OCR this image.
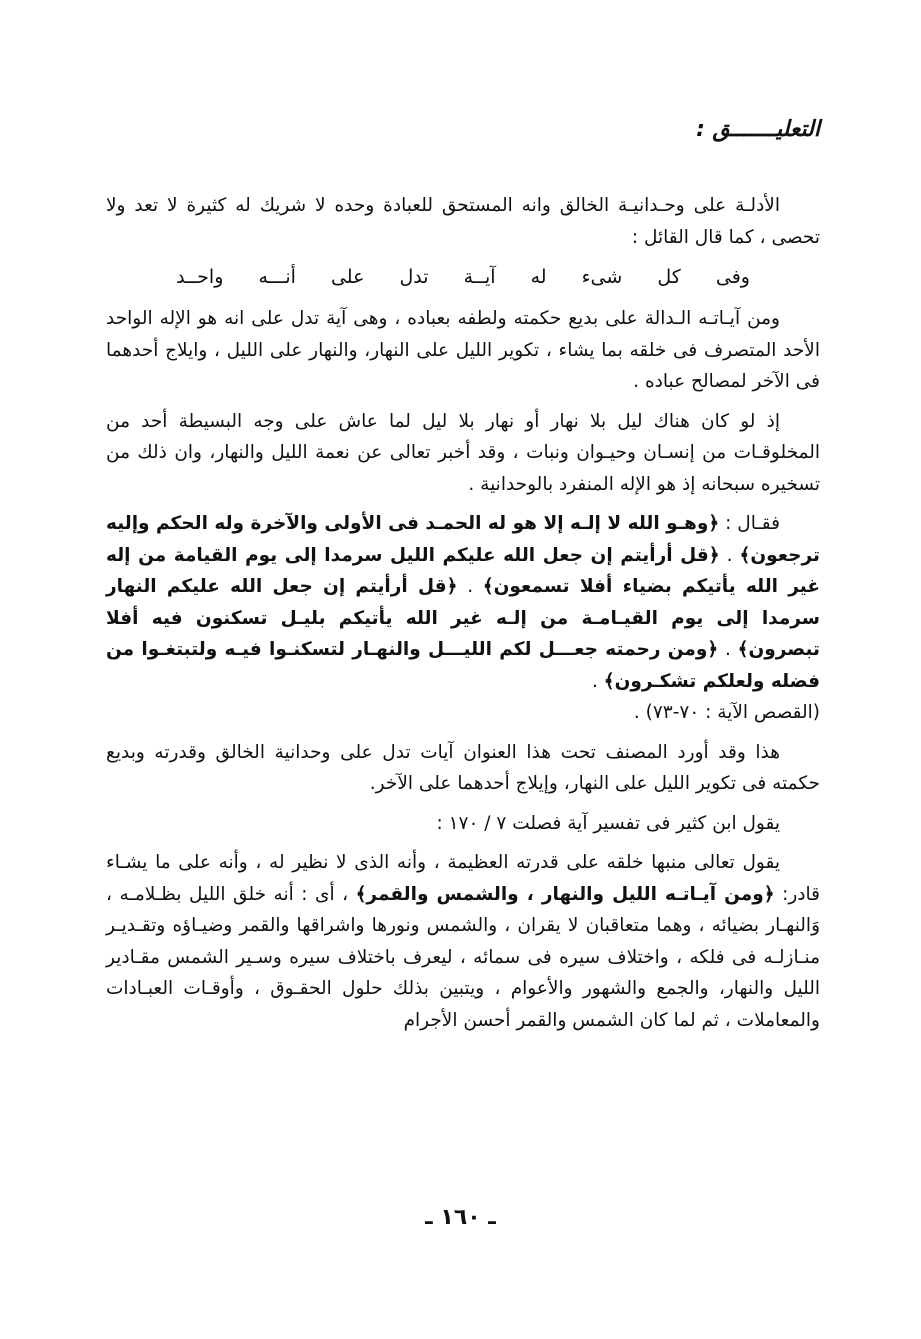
التعليـــــــق :
الأدلـة على وحـدانيـة الخالق وانه المستحق للعبادة وحده لا شريك له كثيرة لا تعد ولا تحصى ، كما قال القائل :
وفى
كل
شىء
له
آيــة
تدل
على
أنـــه
واحــد
ومن آيـاتـه الـدالة على بديع حكمته ولطفه بعباده ، وهى آية تدل على انه هو الإله الواحد الأحد المتصرف فى خلقه بما يشاء ، تكوير الليل على النهار، والنهار على الليل ، وايلاج أحدهما فى الآخر لمصالح عباده .
إذ لو كان هناك ليل بلا نهار أو نهار بلا ليل لما عاش على وجه البسيطة أحد من المخلوقـات من إنسـان وحيـوان ونبات ، وقد أخبر تعالى عن نعمة الليل والنهار، وان ذلك من تسخيره سبحانه إذ هو الإله المنفرد بالوحدانية .
فقـال : ﴿وهـو الله لا إلـه إلا هو له الحمـد فى الأولى والآخرة وله الحكم وإليه ترجعون﴾ . ﴿قل أرأيتم إن جعل الله عليكم الليل سرمدا إلى يوم القيامة من إله غير الله يأتيكم بضياء أفلا تسمعون﴾ . ﴿قل أرأيتم إن جعل الله عليكم النهار سرمدا إلى يوم القيـامـة من إلـه غير الله يأتيكم بليـل تسكنون فيه أفلا تبصرون﴾ . ﴿ومن رحمته جعـــل لكم الليـــل والنهـار لتسكنـوا فيـه ولتبتغـوا من فضله ولعلكم تشكـرون﴾ .
(القصص الآية : ٧٠-٧٣) .
هذا وقد أورد المصنف تحت هذا العنوان آيات تدل على وحدانية الخالق وقدرته وبديع حكمته فى تكوير الليل على النهار، وإيلاج أحدهما على الآخر.
يقول ابن كثير فى تفسير آية فصلت ٧ / ١٧٠ :
يقول تعالى منبها خلقه على قدرته العظيمة ، وأنه الذى لا نظير له ، وأنه على ما يشـاء قادر: ﴿ومن آيـاتـه الليل والنهار ، والشمس والقمر﴾ ، أى : أنه خلق الليل بظـلامـه ، وَالنهـار بضيائه ، وهما متعاقبان لا يقران ، والشمس ونورها واشراقها والقمر وضيـاؤه وتقـديـر منـازلـه فى فلكه ، واختلاف سيره فى سمائه ، ليعرف باختلاف سيره وسـير الشمس مقـادير الليل والنهار، والجمع والشهور والأعوام ، ويتبين بذلك حلول الحقـوق ، وأوقـات العبـادات والمعاملات ، ثم لما كان الشمس والقمر أحسن الأجرام
ـ ١٦٠ ـ
